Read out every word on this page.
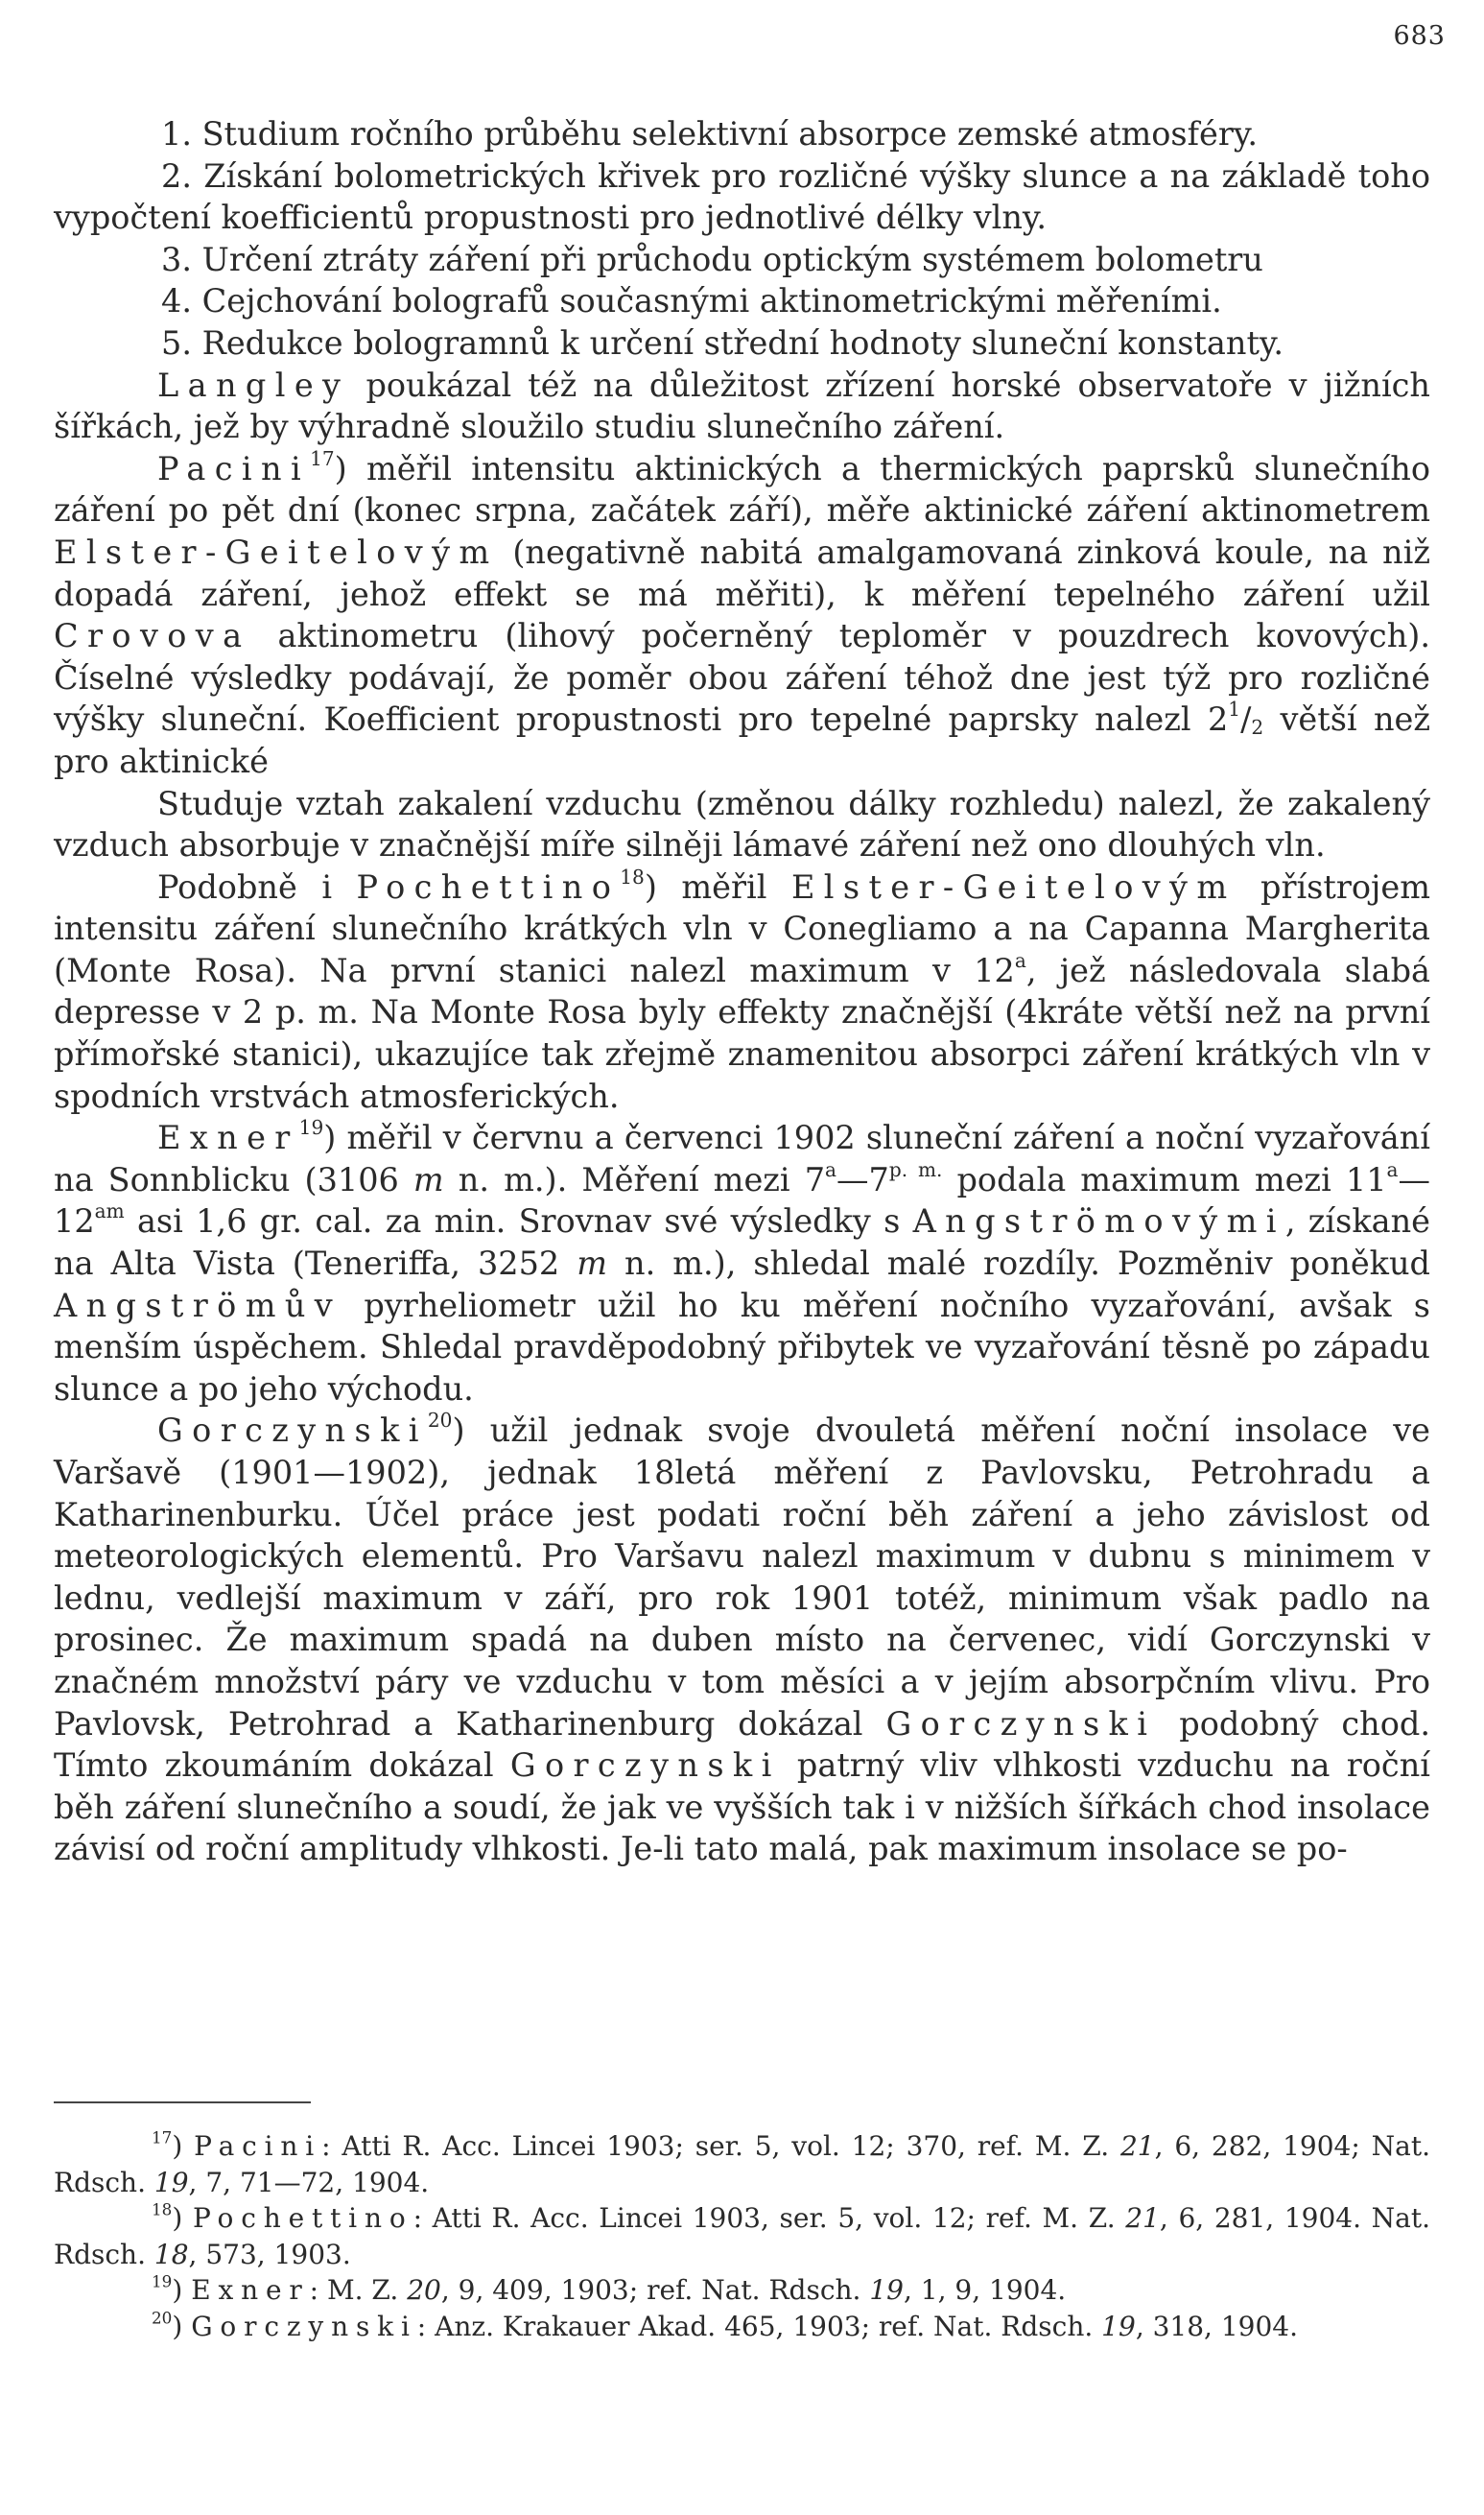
683

1. Studium ročního průběhu selektivní absorpce zemské atmosféry.

2. Získání bolometrických křivek pro rozličné výšky slunce a na základě toho vypočtení koefficientů propustnosti pro jednotlivé délky vlny.

3. Určení ztráty záření při průchodu optickým systémem bolometru

4. Cejchování bolografů současnými aktinometrickými měřeními.

5. Redukce bologramnů k určení střední hodnoty sluneční konstanty.

Langley poukázal též na důležitost zřízení horské observatoře v jižních šířkách, jež by výhradně sloužilo studiu slunečního záření.

Pacini$^{17}$) měřil intensitu aktinických a thermických paprsků slunečního záření po pět dní (konec srpna, začátek září), měře aktinické záření aktinometrem Elster-Geitelovým (negativně nabitá amalgamovaná zinková koule, na niž dopadá záření, jehož effekt se má měřiti), k měření tepelného záření užil Crovova aktinometru (lihový počerněný teploměr v pouzdrech kovových). Číselné výsledky podávají, že poměr obou záření téhož dne jest týž pro rozličné výšky sluneční. Koefficient propustnosti pro tepelné paprsky nalezl $2^1/_2$ větší než pro aktinické

Studuje vztah zakalení vzduchu (změnou dálky rozhledu) nalezl, že zakalený vzduch absorbuje v značnější míře silněji lámavé záření než ono dlouhých vln.

Podobně i Pochettino$^{18}$) měřil Elster-Geitelovým přístrojem intensitu záření slunečního krátkých vln v Conegliamo a na Capanna Margherita (Monte Rosa). Na první stanici nalezl maximum v 12$^a$, jež následovala slabá depresse v 2 p. m. Na Monte Rosa byly effekty značnější (4kráte větší než na první přímořské stanici), ukazujíce tak zřejmě znamenitou absorpci záření krátkých vln v spodních vrstvách atmosferických.

Exner$^{19}$) měřil v červnu a červenci 1902 sluneční záření a noční vyzařování na Sonnblicku (3106 m n. m.). Měření mezi $7^a—7^{p. m.}$ podala maximum mezi $11^a—12^{am}$ asi 1,6 gr. cal. za min. Srovnav své výsledky s Angströmovými, získané na Alta Vista (Teneriffa, 3252 m n. m.), shledal malé rozdíly. Pozměniv poněkud Angströmův pyrheliometr užil ho ku měření nočního vyzařování, avšak s menším úspěchem. Shledal pravděpodobný přibytek ve vyzařování těsně po západu slunce a po jeho východu.

Gorczynski$^{20}$) užil jednak svoje dvouletá měření noční insolace ve Varšavě (1901—1902), jednak 18letá měření z Pavlovsku, Petrohradu a Katharinenburku. Účel práce jest podati roční běh záření a jeho závislost od meteorologických elementů. Pro Varšavu nalezl maximum v dubnu s minimem v lednu, vedlejší maximum v září, pro rok 1901 totéž, minimum však padlo na prosinec. Že maximum spadá na duben místo na červenec, vidí Gorczynski v značném množství páry ve vzduchu v tom měsíci a v jejím absorpčním vlivu. Pro Pavlovsk, Petrohrad a Katharinenburg dokázal Gorczynski podobný chod. Tímto zkoumáním dokázal Gorczynski patrný vliv vlhkosti vzduchu na roční běh záření slunečního a soudí, že jak ve vyšších tak i v nižších šířkách chod insolace závisí od roční amplitudy vlhkosti. Je-li tato malá, pak maximum insolace se po-

$^{17}$) Pacini: Atti R. Acc. Lincei 1903; ser. 5, vol. 12; 370, ref. M. Z. 21, 6, 282, 1904; Nat. Rdsch. 19, 7, 71—72, 1904.

$^{18}$) Pochettino: Atti R. Acc. Lincei 1903, ser. 5, vol. 12; ref. M. Z. 21, 6, 281, 1904. Nat. Rdsch. 18, 573, 1903.

$^{19}$) Exner: M. Z. 20, 9, 409, 1903; ref. Nat. Rdsch. 19, 1, 9, 1904.

$^{20}$) Gorczynski: Anz. Krakauer Akad. 465, 1903; ref. Nat. Rdsch. 19, 318, 1904.
